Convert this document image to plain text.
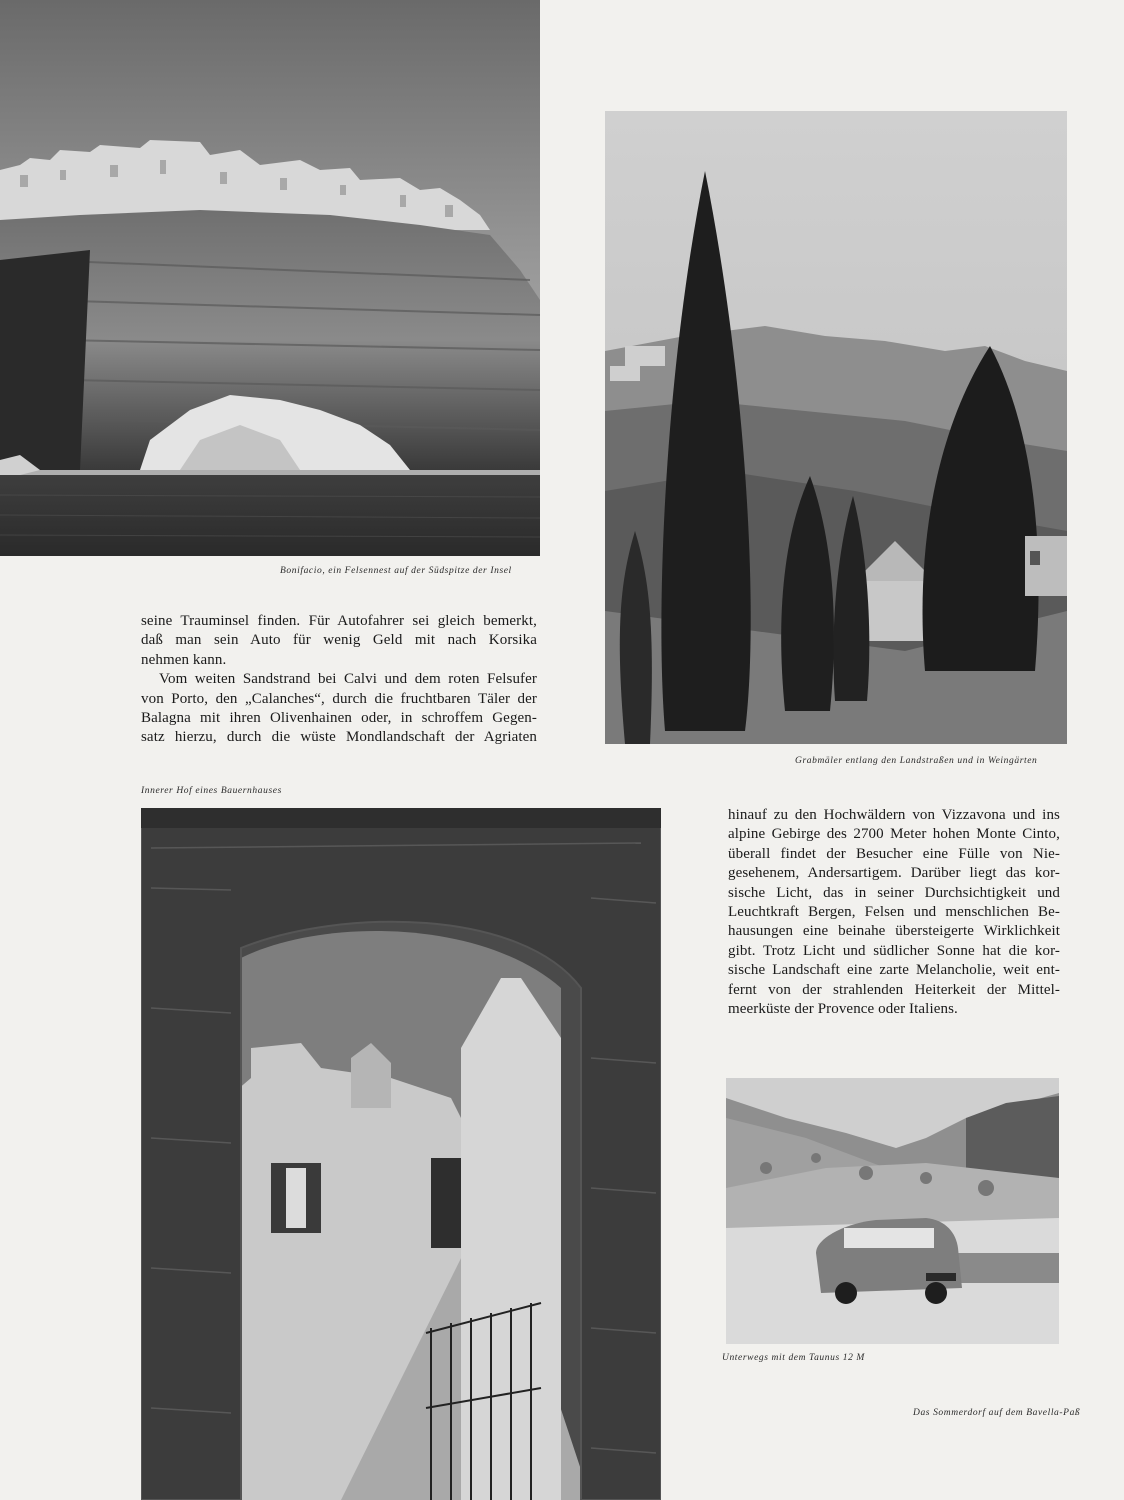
Bonifacio, ein Felsennest auf der Südspitze der Insel
Grabmäler entlang den Landstraßen und in Weingärten
seine Trauminsel finden. Für Autofahrer sei gleich bemerkt,
daß man sein Auto für wenig Geld mit nach Korsika
nehmen kann.
Vom weiten Sandstrand bei Calvi und dem roten Felsufer
von Porto, den „Calanches“, durch die fruchtbaren Täler der
Balagna mit ihren Olivenhainen oder, in schroffem Gegen-
satz hierzu, durch die wüste Mondlandschaft der Agriaten
Innerer Hof eines Bauernhauses
hinauf zu den Hochwäldern von Vizzavona und ins
alpine Gebirge des 2700 Meter hohen Monte Cinto,
überall findet der Besucher eine Fülle von Nie-
gesehenem, Andersartigem. Darüber liegt das kor-
sische Licht, das in seiner Durchsichtigkeit und
Leuchtkraft Bergen, Felsen und menschlichen Be-
hausungen eine beinahe übersteigerte Wirklichkeit
gibt. Trotz Licht und südlicher Sonne hat die kor-
sische Landschaft eine zarte Melancholie, weit ent-
fernt von der strahlenden Heiterkeit der Mittel-
meerküste der Provence oder Italiens.
Unterwegs mit dem Taunus 12 M
Das Sommerdorf auf dem Bavella-Paß
